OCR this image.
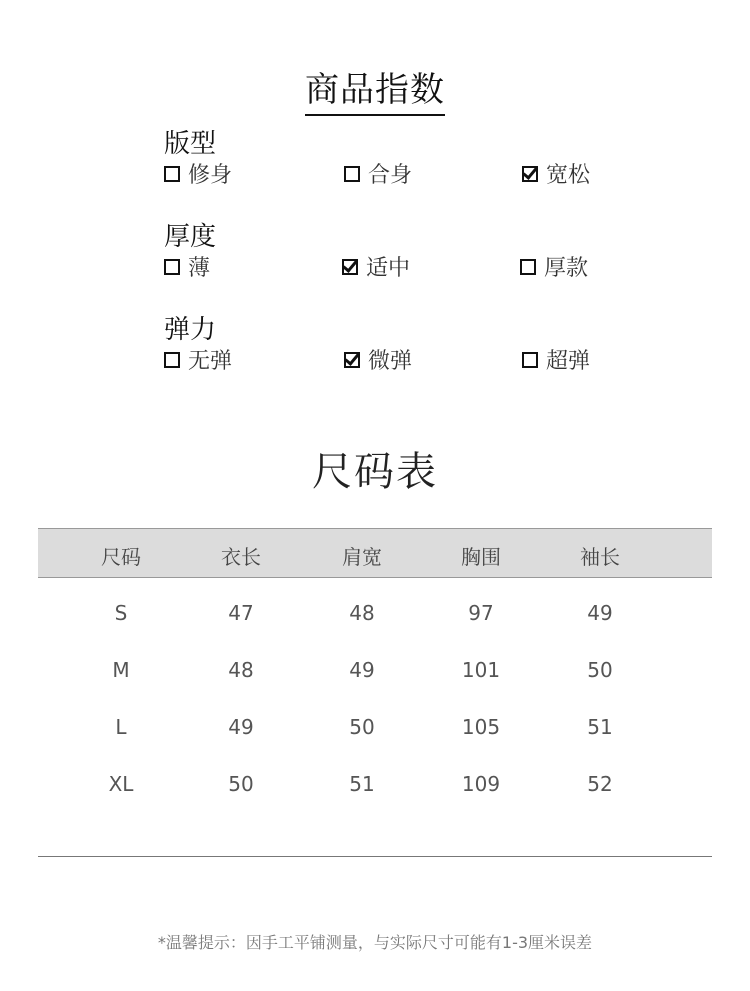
商品指数
版型
修身	合身	宽松
厚度
薄	适中	厚款
弹力
无弹	微弹	超弹
尺码表
尺码	衣长	肩宽	胸围	袖长
S	47	48	97	49
M	48	49	101	50
L	49	50	105	51
XL	50	51	109	52
*温馨提示：因手工平铺测量，与实际尺寸可能有1-3厘米误差
